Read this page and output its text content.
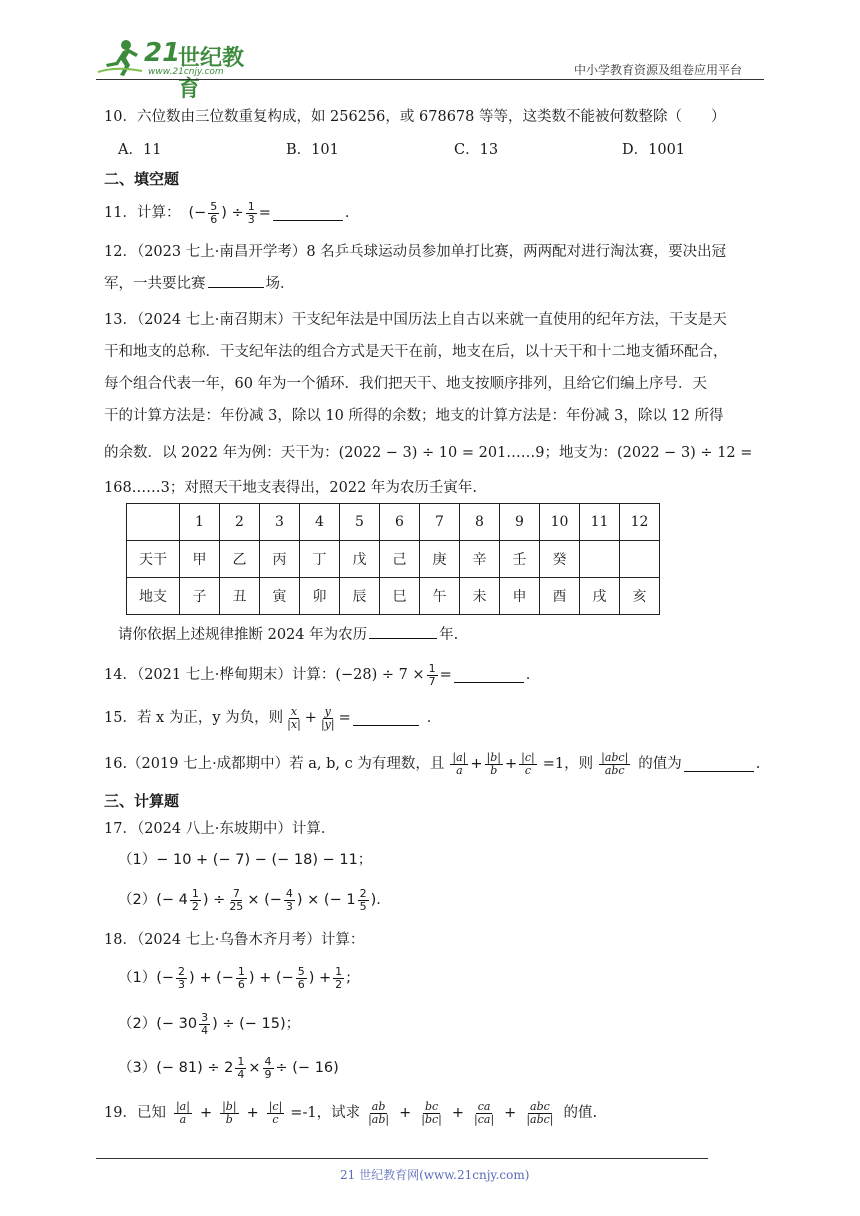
21
世纪教育
www.21cnjy.com	中小学教育资源及组卷应用平台
10．六位数由三位数重复构成，如 256256，或 678678 等等，这类数不能被何数整除（　　）
A．11	B．101	C．13	D．1001
二、填空题
11．计算： (− $\frac{5}{6}$ ) ÷ $\frac{1}{3}$ =	.
12．（2023 七上·南昌开学考）8 名乒乓球运动员参加单打比赛，两两配对进行淘汰赛，要决出冠
军，一共要比赛	场．
13．（2024 七上·南召期末）干支纪年法是中国历法上自古以来就一直使用的纪年方法，干支是天
干和地支的总称．干支纪年法的组合方式是天干在前，地支在后，以十天干和十二地支循环配合，
每个组合代表一年，60 年为一个循环．我们把天干、地支按顺序排列，且给它们编上序号．天
干的计算方法是：年份减 3，除以 10 所得的余数；地支的计算方法是：年份减 3，除以 12 所得
的余数．以 2022 年为例：天干为：(2022 − 3) ÷ 10 = 201……9；地支为：(2022 − 3) ÷ 12 =
168……3；对照天干地支表得出，2022 年为农历壬寅年.
	1	2	3	4	5	6	7	8	9	10	11	12
天干	甲	乙	丙	丁	戊	己	庚	辛	壬	癸		
地支	子	丑	寅	卯	辰	巳	午	未	申	酉	戌	亥
请你依据上述规律推断 2024 年为农历	年.
14．（2021 七上·桦甸期末）计算：$(-28) \div 7 \times \frac{1}{7}$ =	.
15．若 x 为正，y 为负，则 $\frac{x}{|x|} + \frac{y}{|y|}$ =	．
16.（2019 七上·成都期中）若 a, b, c 为有理数，且 $\frac{|a|}{a} + \frac{|b|}{b} + \frac{|c|}{c} =1$，则 $\frac{\text{|abc|}}{\text{abc}}$ 的值为	.
三、计算题
17．（2024 八上·东坡期中）计算．
（1）− 10 + (− 7) − (− 18) − 11；
（2） (− $4 \frac{1}{2}$ ) ÷ $\frac{7}{25}$ × (− $\frac{4}{3}$ ) × (− $1 \frac{2}{5}$ ).
18．（2024 七上·乌鲁木齐月考）计算：
（1） (− $\frac{2}{3}$ ) + (− $\frac{1}{6}$ ) + (− $\frac{5}{6}$ ) + $\frac{1}{2}$ ;
（2） (− $30 \frac{3}{4}$ ) ÷ (− 15)；
（3） (− $81) \div 2 \frac{1}{4} \times \frac{4}{9}$ ÷ (− 16)
19．已知 $\frac{|a|}{a} + \frac{|b|}{b} + \frac{|c|}{c} =-1$，试求 $\frac{ab}{|ab|} + \frac{bc}{|bc|} + \frac{ca}{|ca|} + \frac{\text{abc}}{\text{|abc|}}$ 的值.
21 世纪教育网(www.21cnjy.com)
